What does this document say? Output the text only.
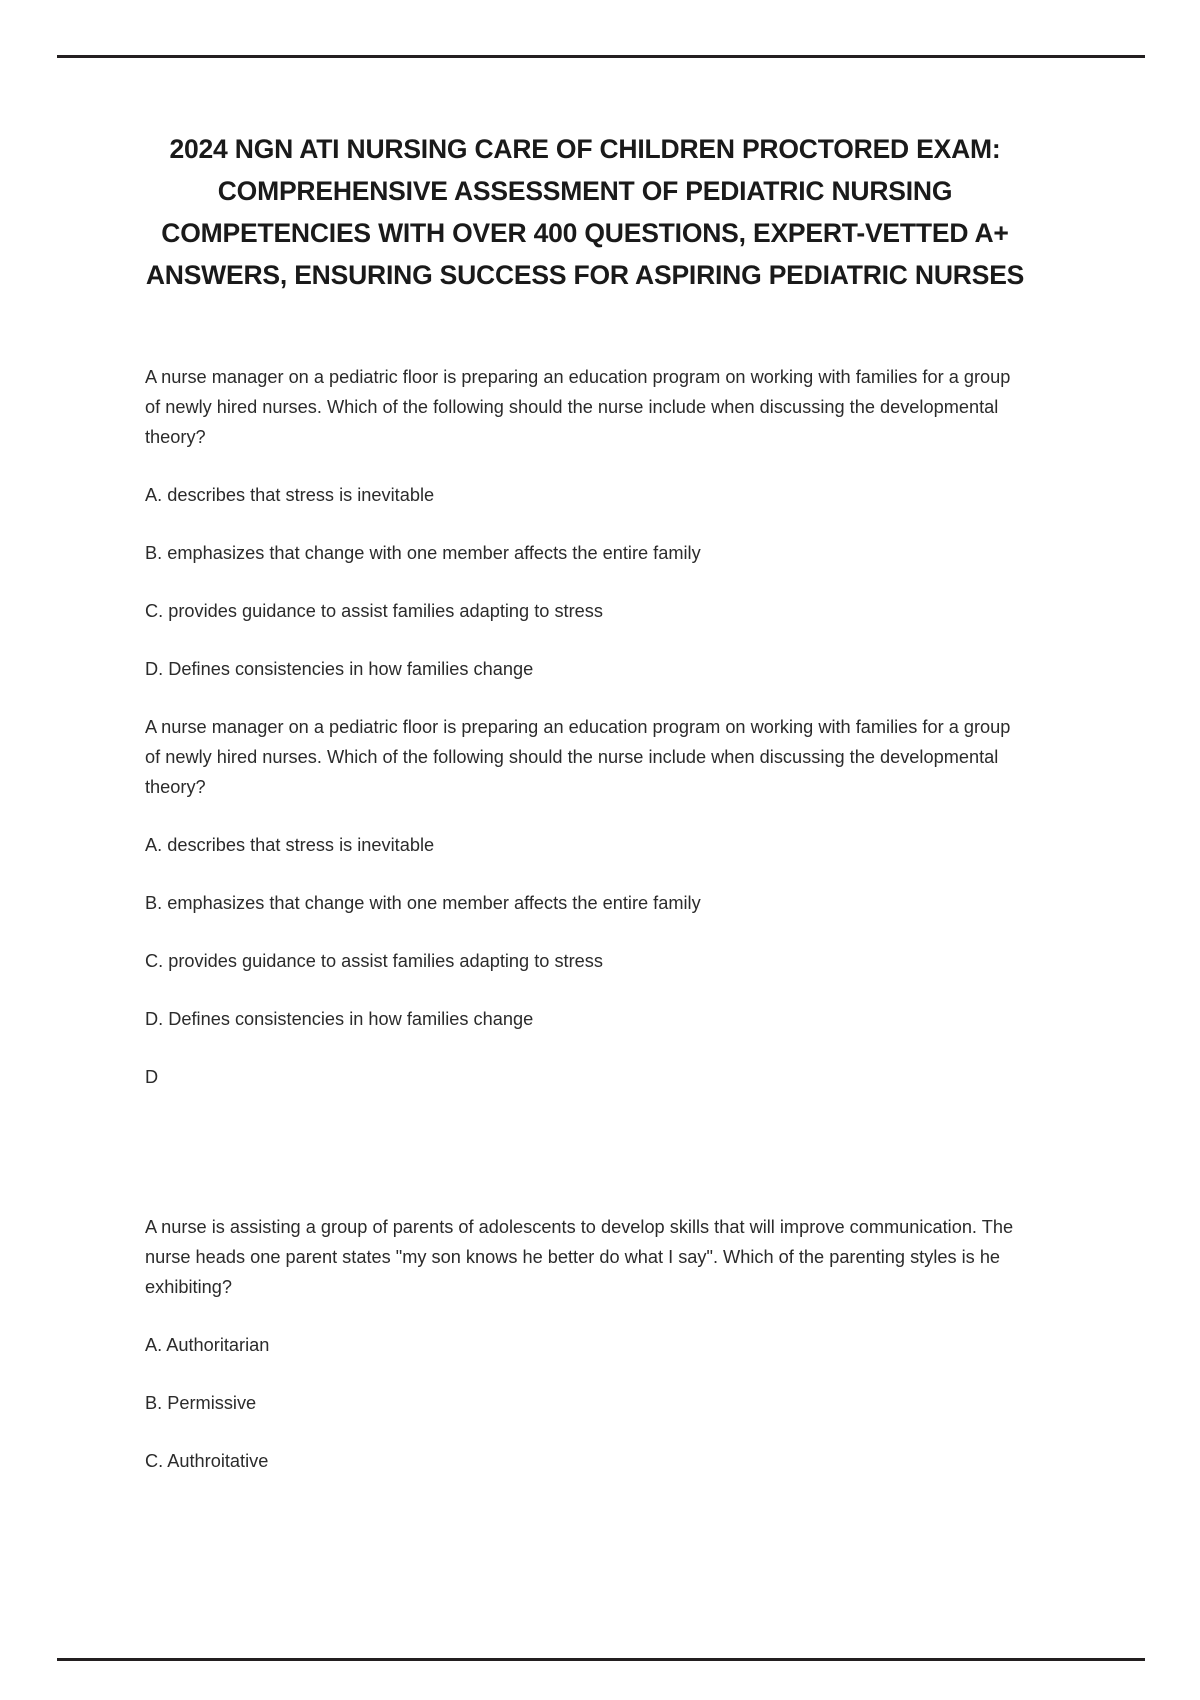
2024 NGN ATI NURSING CARE OF CHILDREN PROCTORED EXAM:
COMPREHENSIVE ASSESSMENT OF PEDIATRIC NURSING
COMPETENCIES WITH OVER 400 QUESTIONS, EXPERT-VETTED A+
ANSWERS, ENSURING SUCCESS FOR ASPIRING PEDIATRIC NURSES

A nurse manager on a pediatric floor is preparing an education program on working with families for a group of newly hired nurses. Which of the following should the nurse include when discussing the developmental theory?

A. describes that stress is inevitable

B. emphasizes that change with one member affects the entire family

C. provides guidance to assist families adapting to stress

D. Defines consistencies in how families change

A nurse manager on a pediatric floor is preparing an education program on working with families for a group of newly hired nurses. Which of the following should the nurse include when discussing the developmental theory?

A. describes that stress is inevitable

B. emphasizes that change with one member affects the entire family

C. provides guidance to assist families adapting to stress

D. Defines consistencies in how families change

D

A nurse is assisting a group of parents of adolescents to develop skills that will improve communication. The nurse heads one parent states "my son knows he better do what I say". Which of the parenting styles is he exhibiting?

A. Authoritarian

B. Permissive

C. Authroitative
